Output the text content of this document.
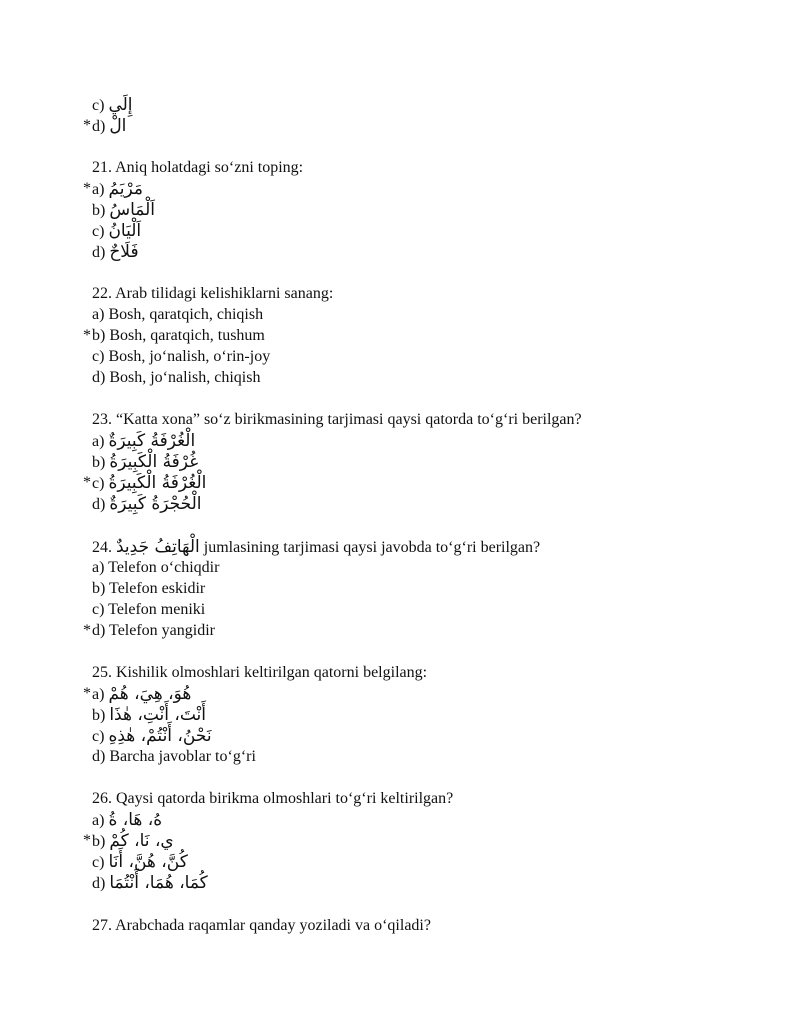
c) إِلَي
* d) الْ
21. Aniq holatdagi so‘zni toping:
* a) مَرْيَمُ
b) اَلْمَاسُ
c) اَلْيَانُ
d) فَلَاحٌ
22. Arab tilidagi kelishiklarni sanang:
a) Bosh, qaratqich, chiqish
* b) Bosh, qaratqich, tushum
c) Bosh, jo‘nalish, o‘rin-joy
d) Bosh, jo‘nalish, chiqish
23. “Katta xona” so‘z birikmasining tarjimasi qaysi qatorda to‘g‘ri berilgan?
a) الْغُرْفَةُ كَبِيرَةٌ
b) غُرْفَةُ الْكَبِيرَةُ
* c) الْغُرْفَةُ الْكَبِيرَةُ
d) الْحُجْرَةُ كَبِيرَةٌ
24. الْهَاتِفُ جَدِيدٌ jumlasining tarjimasi qaysi javobda to‘g‘ri berilgan?
a) Telefon o‘chiqdir
b) Telefon eskidir
c) Telefon meniki
* d) Telefon yangidir
25. Kishilik olmoshlari keltirilgan qatorni belgilang:
* a) هُوَ، هِيَ، هُمْ
b) أَنْتَ، أَنْتِ، هٰذَا
c) نَحْنُ، أَنْتُمْ، هٰذِهِ
d) Barcha javoblar to‘g‘ri
26. Qaysi qatorda birikma olmoshlari to‘g‘ri keltirilgan?
a) هُ، هَا، ةُ
* b) ي، نَا، كُمْ
c) كُنَّ، هُنَّ، أَنَا
d) كُمَا، هُمَا، أَنْتُمَا
27. Arabchada raqamlar qanday yoziladi va o‘qiladi?
